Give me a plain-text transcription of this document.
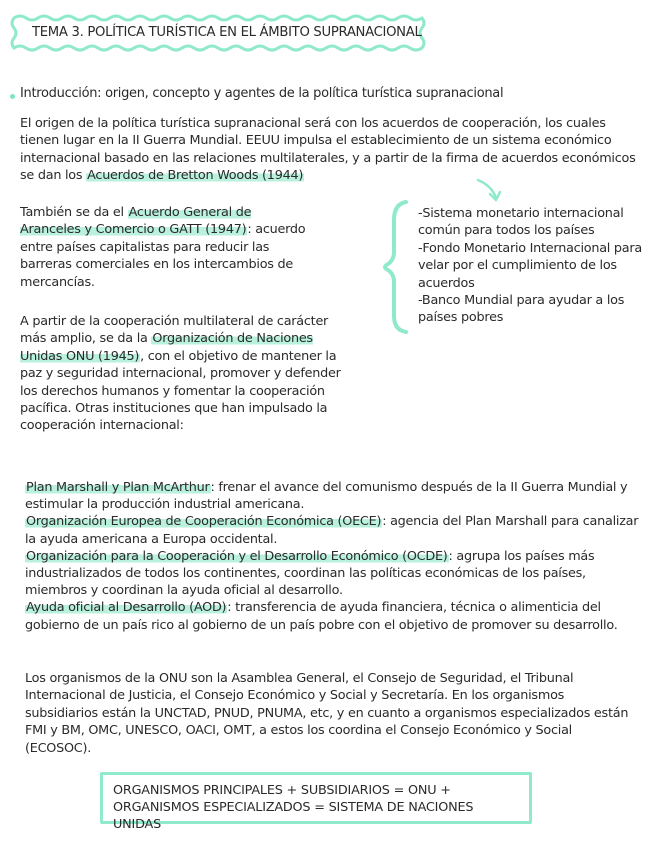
TEMA 3. POLÍTICA TURÍSTICA EN EL ÁMBITO SUPRANACIONAL
Introducción: origen, concepto y agentes de la política turística supranacional
El origen de la política turística supranacional será con los acuerdos de cooperación, los cuales tienen lugar en la II Guerra Mundial. EEUU impulsa el establecimiento de un sistema económico internacional basado en las relaciones multilaterales, y a partir de la firma de acuerdos económicos se dan los Acuerdos de Bretton Woods (1944)
También se da el Acuerdo General de Aranceles y Comercio o GATT (1947): acuerdo entre países capitalistas para reducir las barreras comerciales en los intercambios de mercancías.
-Sistema monetario internacional común para todos los países
-Fondo Monetario Internacional para velar por el cumplimiento de los acuerdos
-Banco Mundial para ayudar a los países pobres
A partir de la cooperación multilateral de carácter más amplio, se da la Organización de Naciones Unidas ONU (1945), con el objetivo de mantener la paz y seguridad internacional, promover y defender los derechos humanos y fomentar la cooperación pacífica. Otras instituciones que han impulsado la cooperación internacional:
Plan Marshall y Plan McArthur: frenar el avance del comunismo después de la II Guerra Mundial y estimular la producción industrial americana.
Organización Europea de Cooperación Económica (OECE): agencia del Plan Marshall para canalizar la ayuda americana a Europa occidental.
Organización para la Cooperación y el Desarrollo Económico (OCDE): agrupa los países más industrializados de todos los continentes, coordinan las políticas económicas de los países, miembros y coordinan la ayuda oficial al desarrollo.
Ayuda oficial al Desarrollo (AOD): transferencia de ayuda financiera, técnica o alimenticia del gobierno de un país rico al gobierno de un país pobre con el objetivo de promover su desarrollo.
Los organismos de la ONU son la Asamblea General, el Consejo de Seguridad, el Tribunal Internacional de Justicia, el Consejo Económico y Social y Secretaría. En los organismos subsidiarios están la UNCTAD, PNUD, PNUMA, etc, y en cuanto a organismos especializados están FMI y BM, OMC, UNESCO, OACI, OMT, a estos los coordina el Consejo Económico y Social (ECOSOC).
ORGANISMOS PRINCIPALES + SUBSIDIARIOS = ONU + ORGANISMOS ESPECIALIZADOS = SISTEMA DE NACIONES UNIDAS
